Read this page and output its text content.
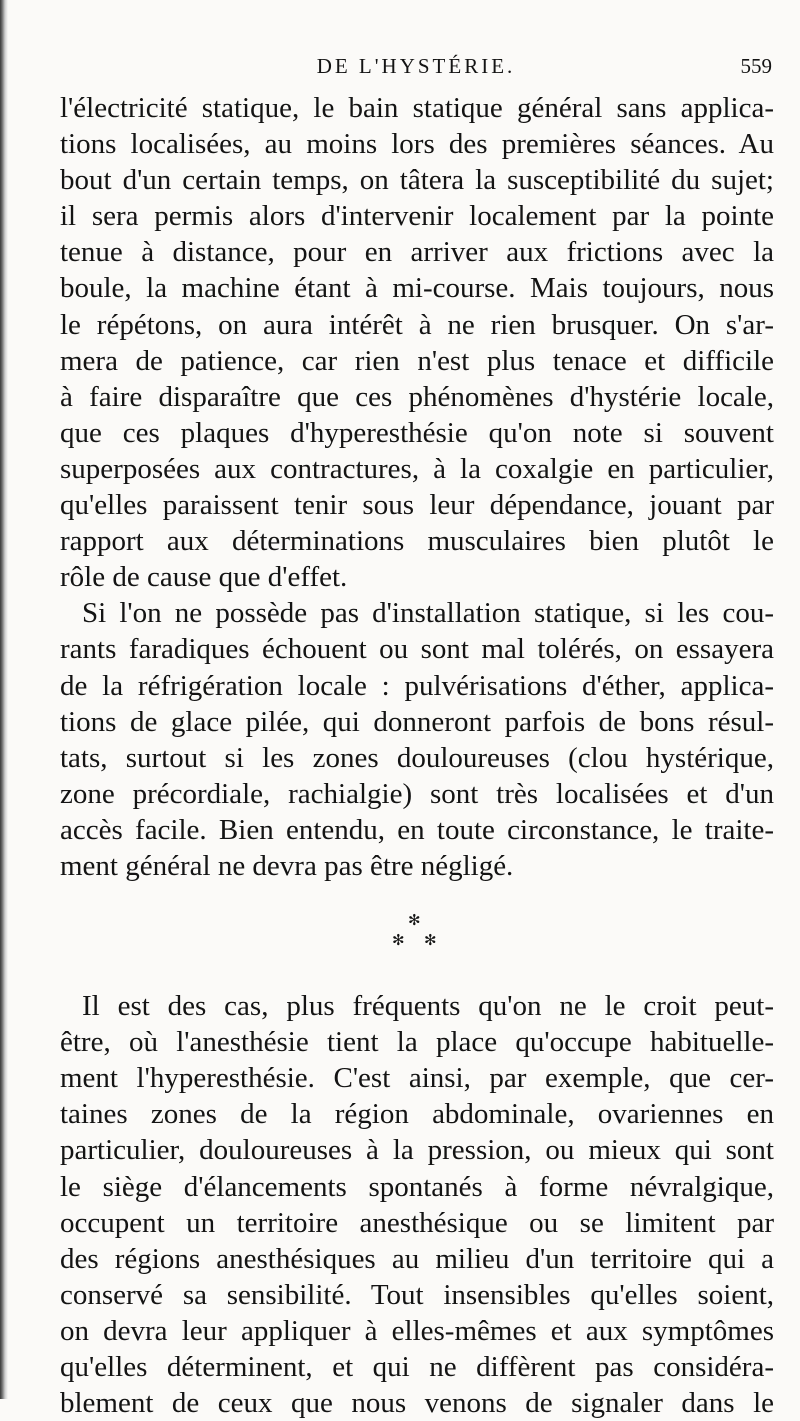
DE L'HYSTÉRIE.	559
l'électricité statique, le bain statique général sans applica-
tions localisées, au moins lors des premières séances. Au
bout d'un certain temps, on tâtera la susceptibilité du sujet;
il sera permis alors d'intervenir localement par la pointe
tenue à distance, pour en arriver aux frictions avec la
boule, la machine étant à mi-course. Mais toujours, nous
le répétons, on aura intérêt à ne rien brusquer. On s'ar-
mera de patience, car rien n'est plus tenace et difficile
à faire disparaître que ces phénomènes d'hystérie locale,
que ces plaques d'hyperesthésie qu'on note si souvent
superposées aux contractures, à la coxalgie en particulier,
qu'elles paraissent tenir sous leur dépendance, jouant par
rapport aux déterminations musculaires bien plutôt le
rôle de cause que d'effet.
Si l'on ne possède pas d'installation statique, si les cou-
rants faradiques échouent ou sont mal tolérés, on essayera
de la réfrigération locale : pulvérisations d'éther, applica-
tions de glace pilée, qui donneront parfois de bons résul-
tats, surtout si les zones douloureuses (clou hystérique,
zone précordiale, rachialgie) sont très localisées et d'un
accès facile. Bien entendu, en toute circonstance, le traite-
ment général ne devra pas être négligé.
✻
✻ ✻
Il est des cas, plus fréquents qu'on ne le croit peut-
être, où l'anesthésie tient la place qu'occupe habituelle-
ment l'hyperesthésie. C'est ainsi, par exemple, que cer-
taines zones de la région abdominale, ovariennes en
particulier, douloureuses à la pression, ou mieux qui sont
le siège d'élancements spontanés à forme névralgique,
occupent un territoire anesthésique ou se limitent par
des régions anesthésiques au milieu d'un territoire qui a
conservé sa sensibilité. Tout insensibles qu'elles soient,
on devra leur appliquer à elles-mêmes et aux symptômes
qu'elles déterminent, et qui ne diffèrent pas considéra-
blement de ceux que nous venons de signaler dans le
